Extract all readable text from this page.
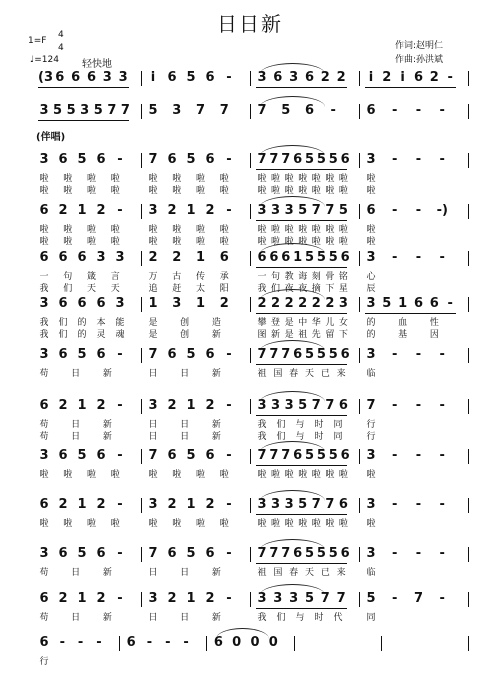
日日新
作词:赵明仁
作曲:孙洪斌
1=F
4
4
♩=124 轻快地
(伴唱)
(3 6 6 6 3 3 i 6 5 6 - 3 6 3 6 2 2 i 2 i 6 2 -
3 5 5 3 5 7 7 5 3 7 7 7 5 6 - 6 - - -
3 6 5 6 - 7 6 5 6 - 7 7 7 6 5 5 5 6 3 - - -
啦 啦 啦 啦	啦 啦 啦 啦	啦 啦 啦 啦 啦 啦 啦 啦
啦 啦 啦 啦	啦 啦 啦 啦	啦 啦 啦 啦 啦 啦 啦 啦
6 2 1 2 - 3 2 1 2 - 3 3 3 5 7 7 5 6 - - -)
啦 啦 啦 啦	啦 啦 啦 啦	啦 啦 啦 啦 啦 啦 啦 啦
啦 啦 啦 啦	啦 啦 啦 啦	啦 啦 啦 啦 啦 啦 啦 啦
6 6 6 3 3 2 2 1 6 6 6 6 1 5 5 5 6 3 - - -
一 句 箴 言	万 古 传 承	一 句 教 诲 刻 骨 铭 心
我 们 天 天	追 赶 太 阳	我 们 夜 夜 摘 下 星 辰
3 6 6 6 3 1 3 1 2 2 2 2 2 2 2 3 3 5 1 6 6 -
我 们 的 本 能	是	创	造	攀 登 是 中 华 儿 女 的	血	性
我 们 的 灵 魂	是	创	新	图 新 是 祖 先 留 下 的	基	因
3 6 5 6 - 7 6 5 6 - 7 7 7 6 5 5 5 6 3 - - -
苟	日	新	日	日	新	祖 国 春 天 已 来 临
6 2 1 2 - 3 2 1 2 - 3 3 3 5 7 7 6 7 - - -
苟	日	新	日	日	新	我 们 与 时 同	行
苟	日	新	日	日	新	我 们 与 时 同	行
3 6 5 6 - 7 6 5 6 - 7 7 7 6 5 5 5 6 3 - - -
啦 啦 啦 啦	啦 啦 啦 啦	啦 啦 啦 啦 啦 啦 啦 啦
6 2 1 2 - 3 2 1 2 - 3 3 3 5 7 7 6 3 - - -
啦 啦 啦 啦	啦 啦 啦 啦	啦 啦 啦 啦 啦 啦 啦 啦
3 6 5 6 - 7 6 5 6 - 7 7 7 6 5 5 5 6 3 - - -
苟	日	新	日	日	新	祖 国 春 天 已 来 临
6 2 1 2 - 3 2 1 2 - 3 3 3 5 7 7 5 - 7 -
苟	日	新	日	日	新	我 们 与 时 代	同
6 - - - 6 - - - 6 0 0 0
行
